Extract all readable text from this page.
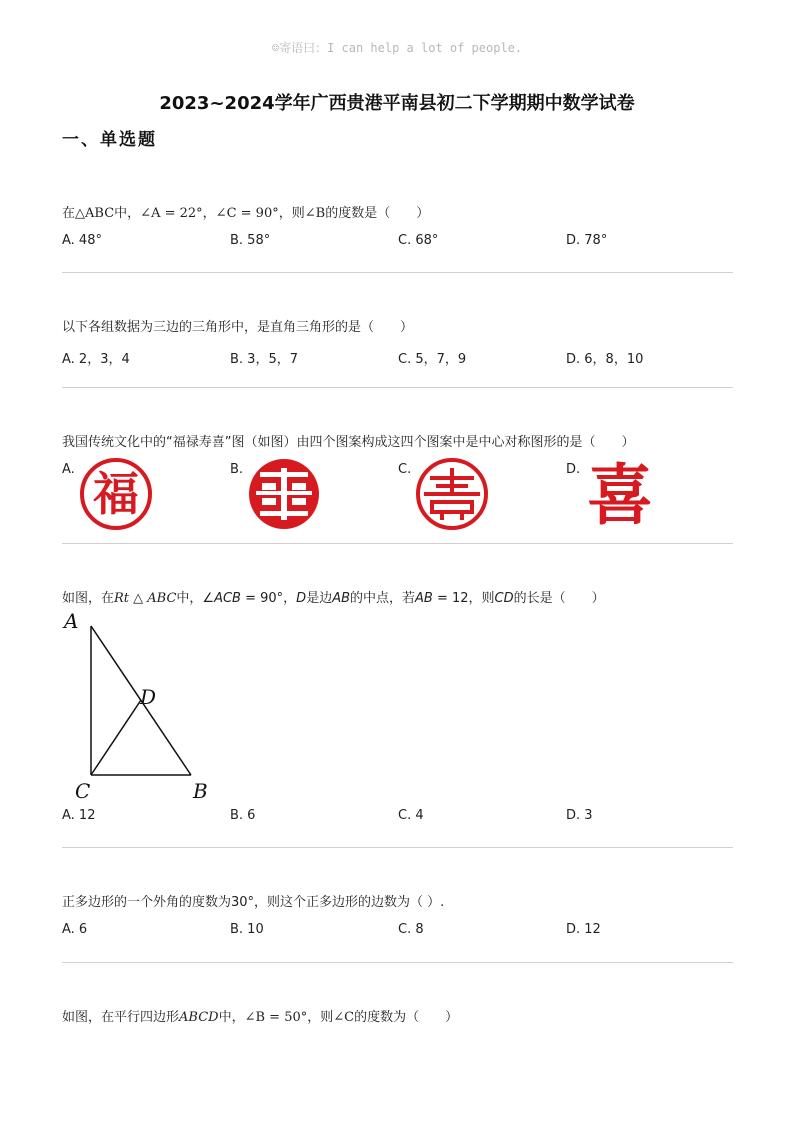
☺寄语曰：I can help a lot of people.
2023~2024学年广西贵港平南县初二下学期期中数学试卷
一、单选题
在△ABC中，∠A = 22°，∠C = 90°，则∠B的度数是（　　）
A. 48°	B. 58°	C. 68°	D. 78°
以下各组数据为三边的三角形中，是直角三角形的是（　　）
A. 2，3，4	B. 3，5，7	C. 5，7，9	D. 6，8，10
我国传统文化中的“福禄寿喜”图（如图）由四个图案构成这四个图案中是中心对称图形的是（　　）
A. 福	B.	C.	D. 喜
如图，在Rt △ ABC中，∠ACB = 90°，D是边AB的中点，若AB = 12，则CD的长是（　　）
A
D
C	B
A. 12	B. 6	C. 4	D. 3
正多边形的一个外角的度数为30°，则这个正多边形的边数为（ ）.
A. 6	B. 10	C. 8	D. 12
如图，在平行四边形ABCD中，∠B = 50°，则∠C的度数为（　　）
